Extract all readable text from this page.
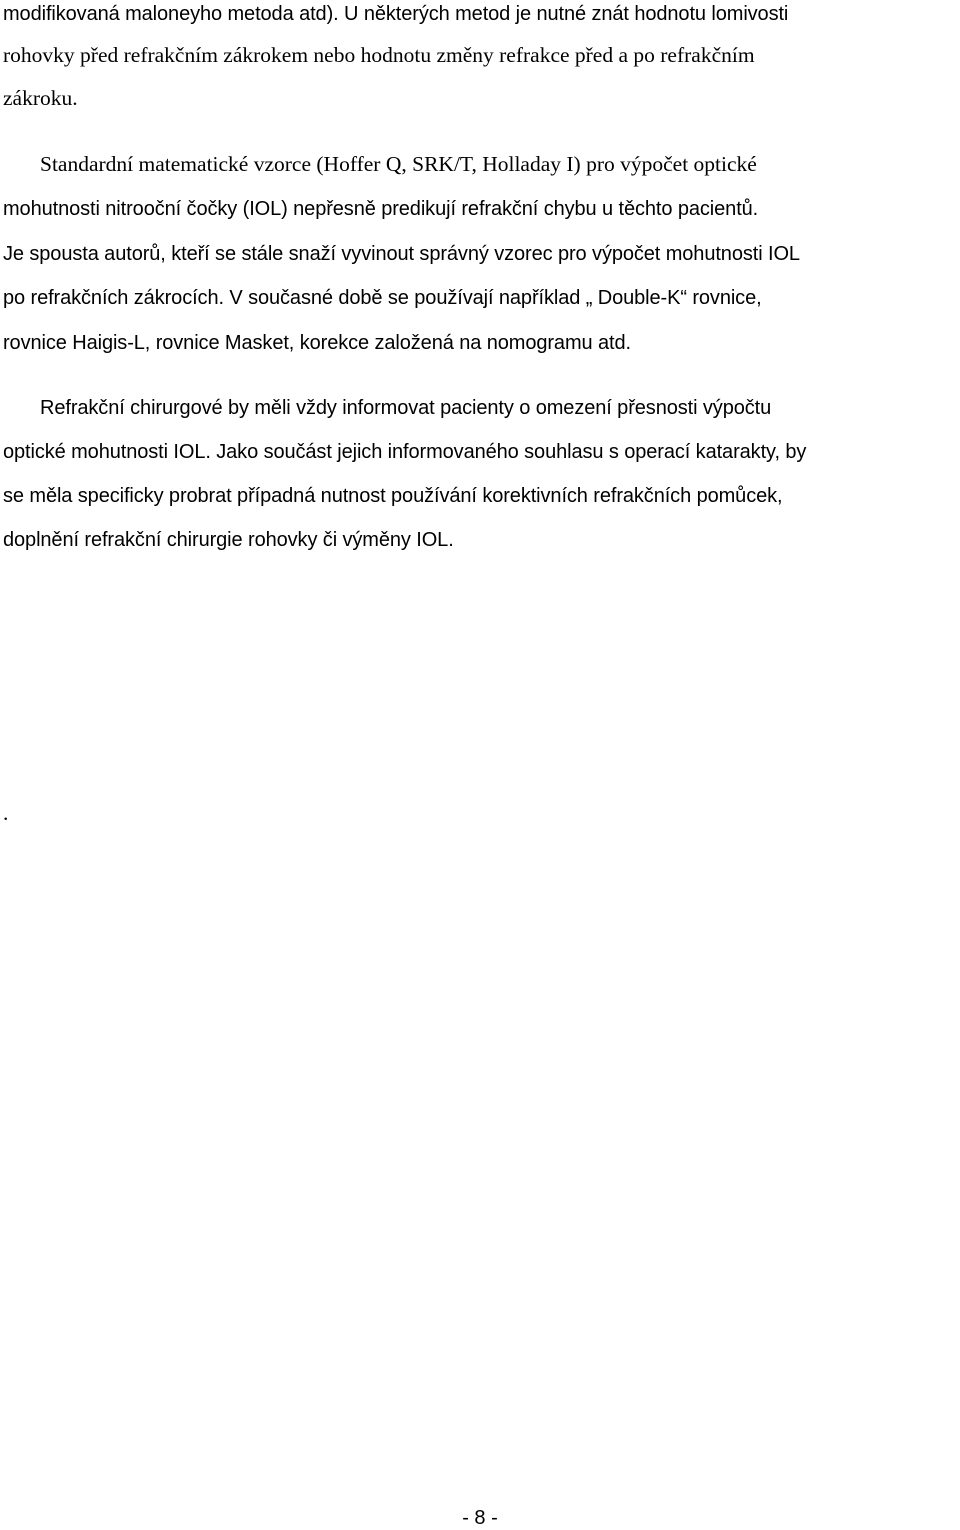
modifikovaná maloneyho metoda atd). U některých metod je nutné znát hodnotu lomivosti
rohovky před refrakčním zákrokem nebo hodnotu změny refrakce před a po refrakčním
zákroku.
Standardní matematické vzorce (Hoffer Q, SRK/T, Holladay I) pro výpočet optické
mohutnosti nitrooční čočky (IOL) nepřesně predikují refrakční chybu u těchto pacientů.
Je spousta autorů, kteří se stále snaží vyvinout správný vzorec pro výpočet mohutnosti IOL
po refrakčních zákrocích. V současné době se používají například „ Double-K“ rovnice,
rovnice Haigis-L, rovnice Masket, korekce založená na nomogramu atd.
Refrakční chirurgové by měli vždy informovat pacienty o omezení přesnosti výpočtu
optické mohutnosti IOL. Jako součást jejich informovaného souhlasu s operací katarakty, by
se měla specificky probrat případná nutnost používání korektivních refrakčních pomůcek,
doplnění refrakční chirurgie rohovky či výměny IOL.
.
- 8 -
